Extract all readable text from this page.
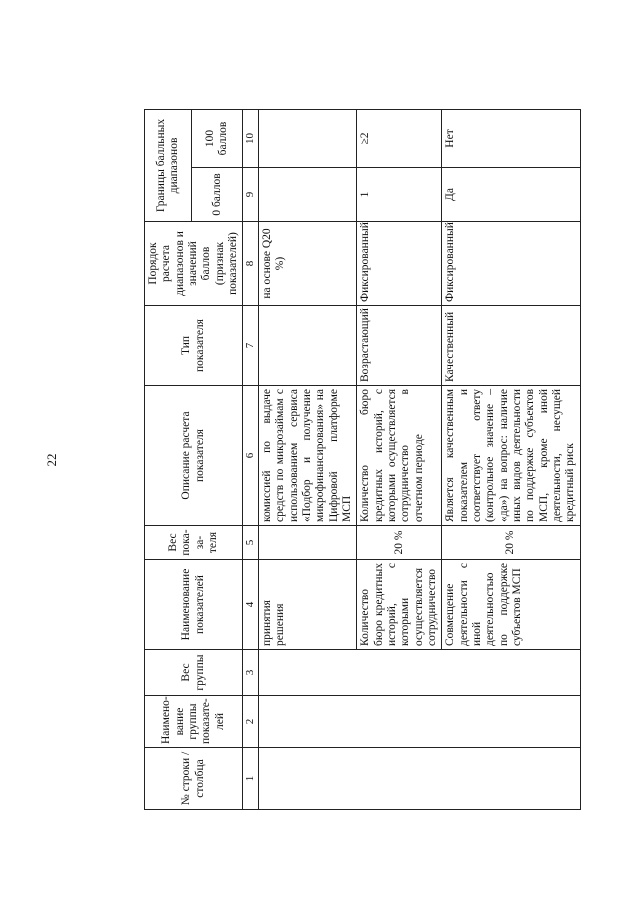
22
№ строки / столбца	Наимено-вание группы показате-лей	Вес группы	Наименование показателей	Вес пока-за-теля	Описание расчета показателя	Тип показателя	Порядок расчета диапазонов и значений баллов (признак показателей)	Границы балльных диапазонов	
								0 баллов	100 баллов
1	2	3	4	5	6	7	8	9	10
			принятия решения		комиссией по выдаче средств по микрозаймам с использованием сервиса «Подбор и получение микрофинансирования» на Цифровой платформе МСП		на основе Q20 %)		
			Количество бюро кредитных историй, с которыми осуществляется сотрудничество	20 %	Количество бюро кредитных историй, с которыми осуществляется сотрудничество в отчетном периоде	Возрастающий	Фиксированный	1	≥2
			Совмещение деятельности с иной деятельностью по поддержке субъектов МСП	20 %	Является качественным показателем и соответствует ответу (контрольное значение – «да») на вопрос: наличие иных видов деятельности по поддержке субъектов МСП, кроме иной деятельности, несущей кредитный риск	Качественный	Фиксированный	Да	Нет
